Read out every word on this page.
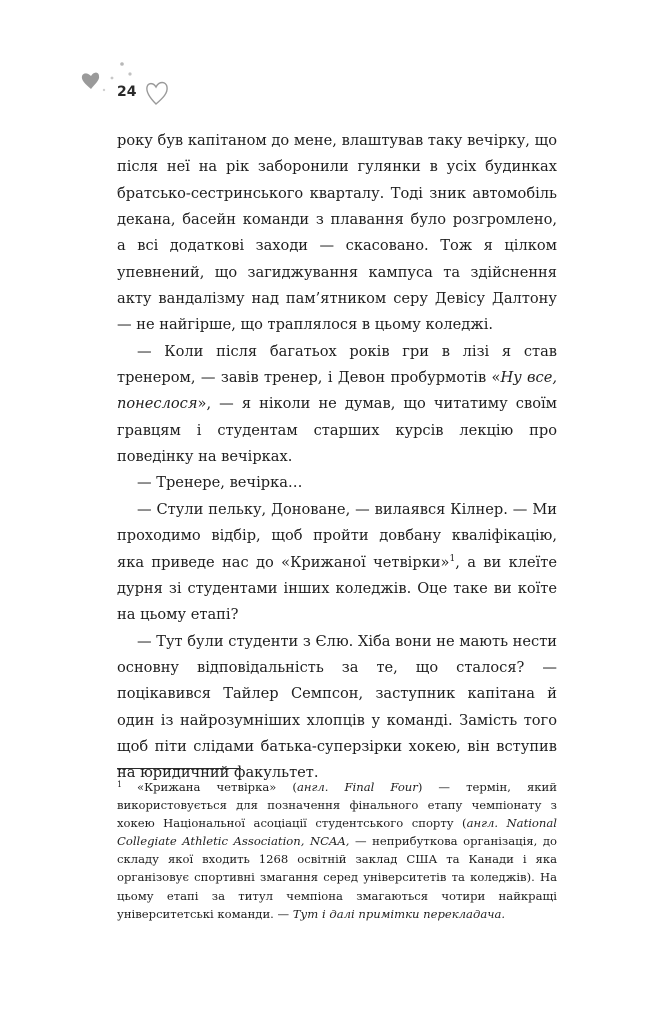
24

року був капітаном до мене, влаштував таку вечірку, що після неї на рік заборонили гулянки в усіх будинках братсько-сестринського кварталу. Тоді зник автомобіль декана, басейн команди з плавання було розгромлено, а всі додаткові заходи — скасовано. Тож я цілком упевнений, що загиджування кампуса та здійснення акту вандалізму над пам’ятником серу Девісу Далтону — не найгірше, що траплялося в цьому коледжі.

— Коли після багатьох років гри в лізі я став тренером, — завів тренер, і Девон пробурмотів «Ну все, понеслося», — я ніколи не думав, що читатиму своїм гравцям і студентам старших курсів лекцію про поведінку на вечірках.

— Тренере, вечірка…

— Стули пельку, Доноване, — вилаявся Кілнер. — Ми проходимо відбір, щоб пройти довбану кваліфікацію, яка приведе нас до «Крижаної четвірки»$^1$, а ви клеїте дурня зі студентами інших коледжів. Оце таке ви коїте на цьому етапі?

— Тут були студенти з Єлю. Хіба вони не мають нести основну відповідальність за те, що сталося? — поцікавився Тайлер Семпсон, заступник капітана й один із найрозумніших хлопців у команді. Замість того щоб піти слідами батька-суперзірки хокею, він вступив на юридичний факультет.

1	«Крижана четвірка» (англ. Final Four) — термін, який використовується для позначення фінального етапу чемпіонату з хокею Національної асоціації студентського спорту (англ. National Collegiate Athletic Association, NCAA, — неприбуткова організація, до складу якої входить 1268 освітній заклад США та Канади і яка організовує спортивні змагання серед університетів та коледжів). На цьому етапі за титул чемпіона змагаються чотири найкращі університетські команди. — Тут і далі примітки перекладача.
